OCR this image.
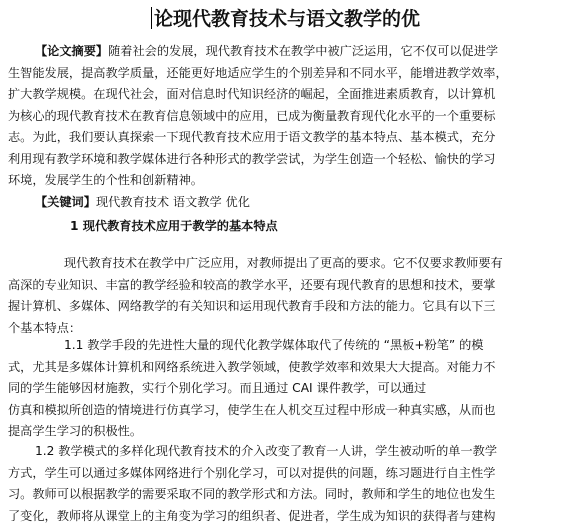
论现代教育技术与语文教学的优
【论文摘要】随着社会的发展，现代教育技术在教学中被广泛运用，它不仅可以促进学
生智能发展，提高教学质量，还能更好地适应学生的个别差异和不同水平，能增进教学效率，
扩大教学规模。在现代社会，面对信息时代知识经济的崛起，全面推进素质教育，以计算机
为核心的现代教育技术在教育信息领域中的应用，已成为衡量教育现代化水平的一个重要标
志。为此，我们要认真探索一下现代教育技术应用于语文教学的基本特点、基本模式，充分
利用现有教学环境和教学媒体进行各种形式的教学尝试，为学生创造一个轻松、愉快的学习
环境，发展学生的个性和创新精神。
【关键词】现代教育技术 语文教学 优化
1 现代教育技术应用于教学的基本特点
现代教育技术在教学中广泛应用，对教师提出了更高的要求。它不仅要求教师要有
高深的专业知识、丰富的教学经验和较高的教学水平，还要有现代教育的思想和技术，要掌
握计算机、多媒体、网络教学的有关知识和运用现代教育手段和方法的能力。它具有以下三
个基本特点：
1.1 教学手段的先进性大量的现代化教学媒体取代了传统的 “黑板+粉笔” 的模
式，尤其是多媒体计算机和网络系统进入教学领域，使教学效率和效果大大提高。对能力不
同的学生能够因材施教，实行个别化学习。而且通过 CAI 课件教学，可以通过
仿真和模拟所创造的情境进行仿真学习，使学生在人机交互过程中形成一种真实感，从而也
提高学生学习的积极性。
1.2 教学模式的多样化现代教育技术的介入改变了教育一人讲，学生被动听的单一教学
方式，学生可以通过多媒体网络进行个别化学习，可以对提供的问题，练习题进行自主性学
习。教师可以根据教学的需要采取不同的教学形式和方法。同时，教师和学生的地位也发生
了变化，教师将从课堂上的主角变为学习的组织者、促进者，学生成为知识的获得者与建构
